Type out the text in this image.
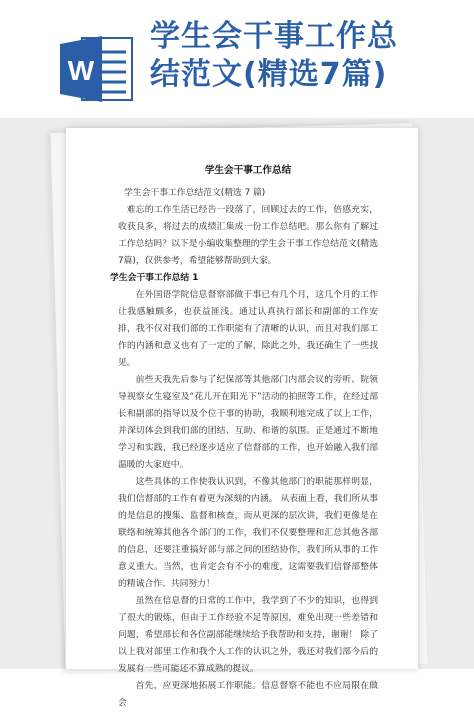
W
学生会干事工作总
结范文(精选7篇)
学生会干事工作总结

学生会干事工作总结范文(精选 7 篇)

难忘的工作生活已经告一段落了，回顾过去的工作，倍感充实，收获良多，将过去的成绩汇集成一份工作总结吧。那么你有了解过工作总结吗？以下是小编收集整理的学生会干事工作总结范文(精选 7篇)，仅供参考，希望能够帮助到大家。

学生会干事工作总结 1

在外国语学院信息督察部做干事已有几个月，这几个月的工作让我感触颇多，也获益匪浅。通过认真执行部长和副部的工作安排，我不仅对我们部的工作职能有了清晰的认识，而且对我们部工作的内涵和意义也有了一定的了解，除此之外，我还确生了一些找见。

前些天我先后参与了纪保部等其他部门内部会议的旁听、院领导视察女生寝室及“花儿开在阳光下”活动的拍照等工作，在经过部长和副部的指导以及个位干事的协助，我顺利地完成了以上工作，并深切体会到我们部的团结、互助、和谐的氛围。正是通过不断地学习和实践，我已经逐步适应了信督部的工作，也开始融入我们部温暖的大家庭中。

这些具体的工作使我认识到，不像其他部门的职能那样明显，我们信督部的工作有着更为深刻的内涵。 从表面上看，我们所从事的是信息的搜集、监督和核查，而从更深的层次讲，我们更像是在联络和统筹其他各个部门的工作，我们不仅要整理和汇总其他各部的信息，还要注重搞好部与部之间的团结协作，我们所从事的工作意义重大。当然，也肯定会有不小的难度，这需要我们信督部整体的精诚合作、共同努力！

虽然在信息督的日常的工作中，我学到了不少的知识，也得到了很大的锻炼，但由于工作经验不足等原因，难免出现一些差错和问题，希望部长和各位副部能继续给予我帮助和支持，谢谢！ 除了以上我对部里工作和我个人工作的认识之外，我还对我们部今后的发展有一些可能还不算成熟的提议。

首先，应更深地拓展工作职能。信息督察不能也不应局限在做会
